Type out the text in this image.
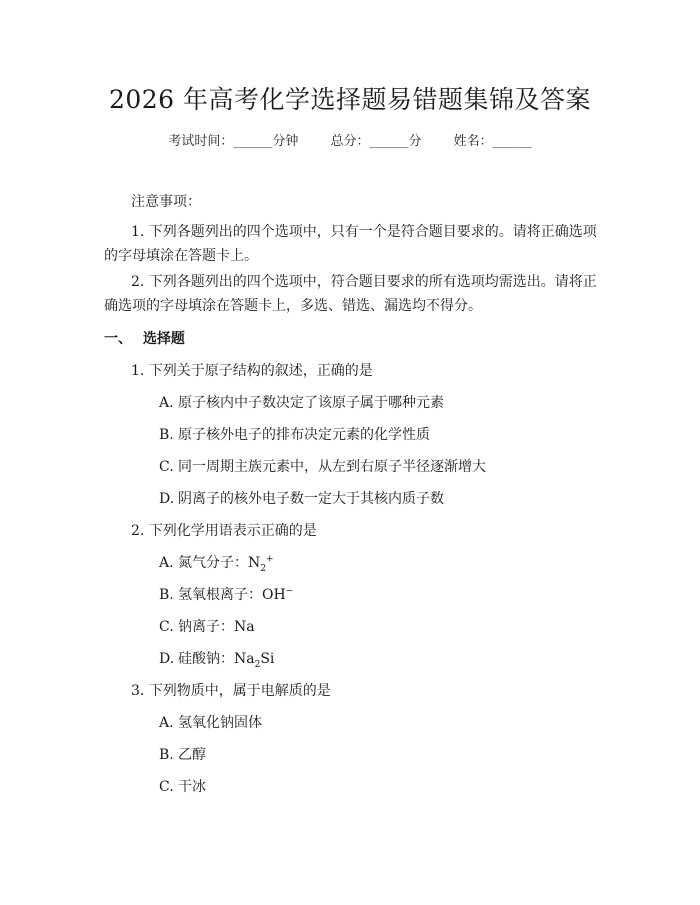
2026 年高考化学选择题易错题集锦及答案
考试时间：______分钟 总分：______分 姓名：______
注意事项：
1. 下列各题列出的四个选项中，只有一个是符合题目要求的。请将正确选项的字母填涂在答题卡上。
2. 下列各题列出的四个选项中，符合题目要求的所有选项均需选出。请将正确选项的字母填涂在答题卡上，多选、错选、漏选均不得分。
一、 选择题
1. 下列关于原子结构的叙述，正确的是
A. 原子核内中子数决定了该原子属于哪种元素
B. 原子核外电子的排布决定元素的化学性质
C. 同一周期主族元素中，从左到右原子半径逐渐增大
D. 阴离子的核外电子数一定大于其核内质子数
2. 下列化学用语表示正确的是
A. 氮气分子：$N_2^+$
B. 氢氧根离子：OH−
C. 钠离子：Na
D. 硅酸钠：$Na_2Si$
3. 下列物质中，属于电解质的是
A. 氢氧化钠固体
B. 乙醇
C. 干冰
